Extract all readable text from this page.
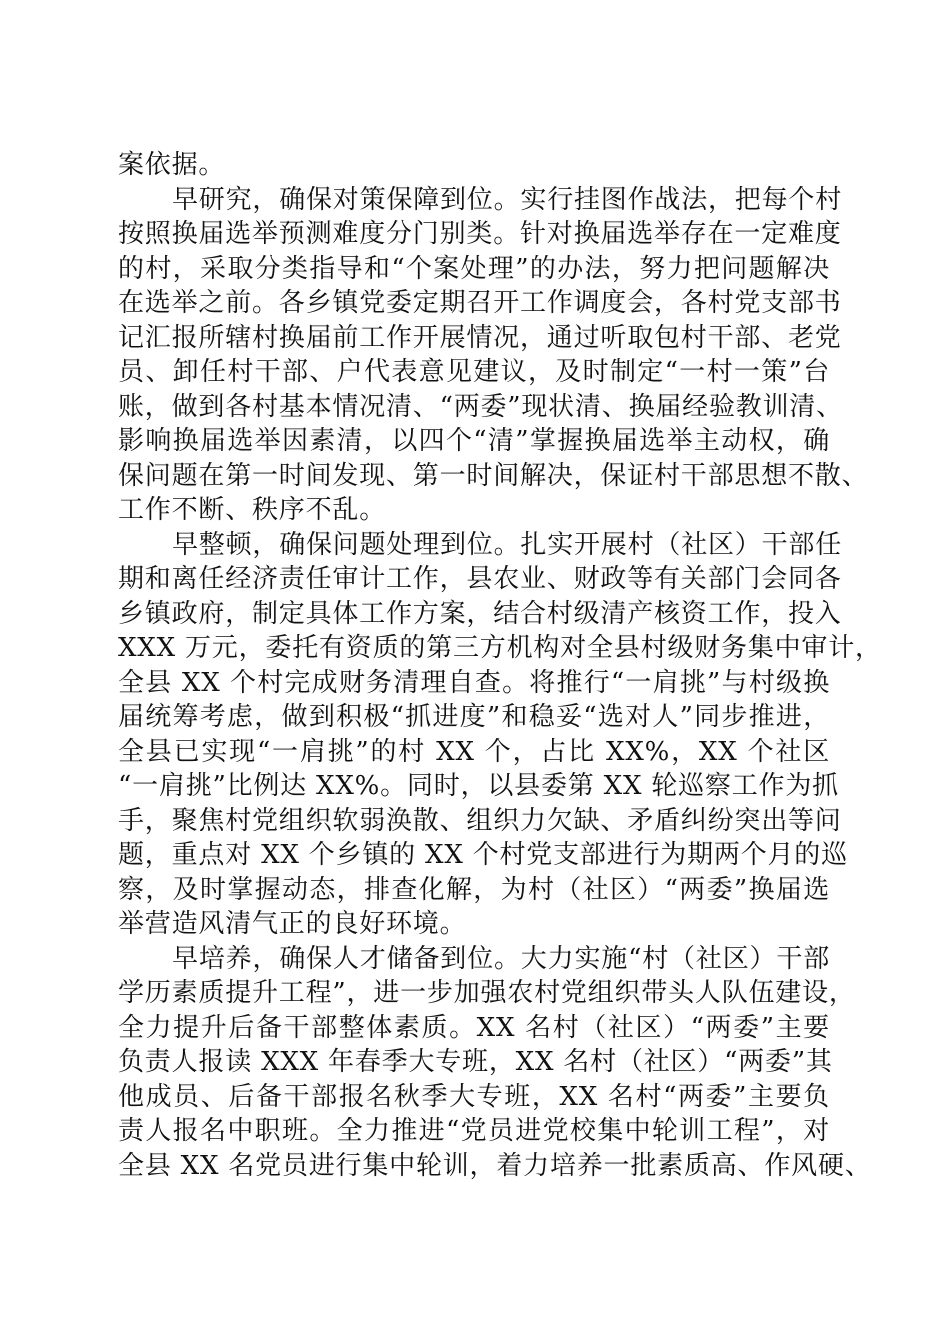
案依据。
早研究，确保对策保障到位。实行挂图作战法，把每个村
按照换届选举预测难度分门别类。针对换届选举存在一定难度
的村，采取分类指导和“个案处理”的办法，努力把问题解决
在选举之前。各乡镇党委定期召开工作调度会，各村党支部书
记汇报所辖村换届前工作开展情况，通过听取包村干部、老党
员、卸任村干部、户代表意见建议，及时制定“一村一策”台
账，做到各村基本情况清、“两委”现状清、换届经验教训清、
影响换届选举因素清，以四个“清”掌握换届选举主动权，确
保问题在第一时间发现、第一时间解决，保证村干部思想不散、
工作不断、秩序不乱。
早整顿，确保问题处理到位。扎实开展村（社区）干部任
期和离任经济责任审计工作，县农业、财政等有关部门会同各
乡镇政府，制定具体工作方案，结合村级清产核资工作，投入
XXX 万元，委托有资质的第三方机构对全县村级财务集中审计，
全县 XX 个村完成财务清理自查。将推行“一肩挑”与村级换
届统筹考虑，做到积极“抓进度”和稳妥“选对人”同步推进，
全县已实现“一肩挑”的村 XX 个，占比 XX%，XX 个社区
“一肩挑”比例达 XX%。同时，以县委第 XX 轮巡察工作为抓
手，聚焦村党组织软弱涣散、组织力欠缺、矛盾纠纷突出等问
题，重点对 XX 个乡镇的 XX 个村党支部进行为期两个月的巡
察，及时掌握动态，排查化解，为村（社区）“两委”换届选
举营造风清气正的良好环境。
早培养，确保人才储备到位。大力实施“村（社区）干部
学历素质提升工程”，进一步加强农村党组织带头人队伍建设，
全力提升后备干部整体素质。XX 名村（社区）“两委”主要
负责人报读 XXX 年春季大专班，XX 名村（社区）“两委”其
他成员、后备干部报名秋季大专班，XX 名村“两委”主要负
责人报名中职班。全力推进“党员进党校集中轮训工程”，对
全县 XX 名党员进行集中轮训，着力培养一批素质高、作风硬、
